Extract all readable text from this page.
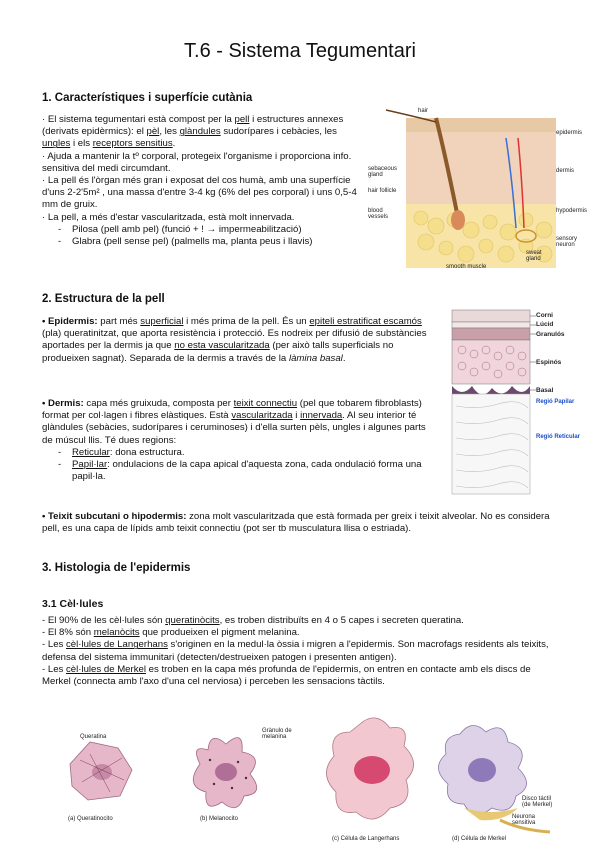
T.6 - Sistema Tegumentari
1. Característiques i superfície cutània
· El sistema tegumentari està compost per la pell i estructures annexes (derivats epidèrmics): el pèl, les glàndules sudorípares i cebàcies, les ungles i els receptors sensitius.
· Ajuda a mantenir la tº corporal, protegeix l'organisme i proporciona info. sensitiva del medi circumdant.
· La pell és l'òrgan més gran i exposat del cos humà, amb una superfície d'uns 2-2'5m² , una massa d'entre 3-4 kg (6% del pes corporal) i uns 0,5-4 mm de gruix.
· La pell, a més d'estar vascularitzada, està molt innervada.
- Pilosa (pell amb pel) (funció + ! → impermeabilització)
- Glabra (pell sense pel) (palmells ma, planta peus i llavis)
hair
epidermis
dermis
sebaceous gland
hair follicle
blood vessels
hypodermis
sensory neuron
sweat gland
smooth muscle
2. Estructura de la pell
• Epidermis: part més superficial i més prima de la pell. És un epiteli estratificat escamós (pla) queratinitzat, que aporta resistència i protecció. Es nodreix per difusió de substàncies aportades per la dermis ja que no esta vascularitzada (per això talls superficials no produeixen sagnat). Separada de la dermis a través de la làmina basal.
• Dermis: capa més gruixuda, composta per teixit connectiu (pel que tobarem fibroblasts) format per col·lagen i fibres elàstiques. Està vascularitzada i innervada. Al seu interior té glàndules (sebàcies, sudorípares i ceruminoses) i d'ella surten pèls, ungles i algunes parts de múscul llis. Té dues regions:
- Reticular: dona estructura.
- Papil·lar: ondulacions de la capa apical d'aquesta zona, cada ondulació forma una papil·la.
• Teixit subcutani o hipodermis: zona molt vascularitzada que està formada per greix i teixit alveolar. No es considera pell, es una capa de lípids amb teixit connectiu (pot ser tb musculatura llisa o estriada).
Corni
Lúcid
Granulós
Espinós
Basal
Regió Papilar
Regió Reticular
3. Histologia de l'epidermis
3.1 Cèl·lules
- El 90% de les cèl·lules són queratinòcits, es troben distribuïts en 4 o 5 capes i secreten queratina.
- El 8% són melanòcits que produeixen el pigment melanina.
- Les cèl·lules de Langerhans s'originen en la medul·la òssia i migren a l'epidermis. Son macrofags residents als teixits, defensa del sistema immunitari (detecten/destrueixen patogen i presenten antigen).
- Les cèl·lules de Merkel es troben en la capa més profunda de l'epidermis, on entren en contacte amb els discs de Merkel (connecta amb l'axo d'una cel nerviosa) i perceben les sensacions tàctils.
Queratina
Grànulo de melanina
(a) Queratinocito	(b) Melanocito
(c) Célula de Langerhans	(d) Célula de Merkel
Disco táctil (de Merkel)
Neurona sensitiva
